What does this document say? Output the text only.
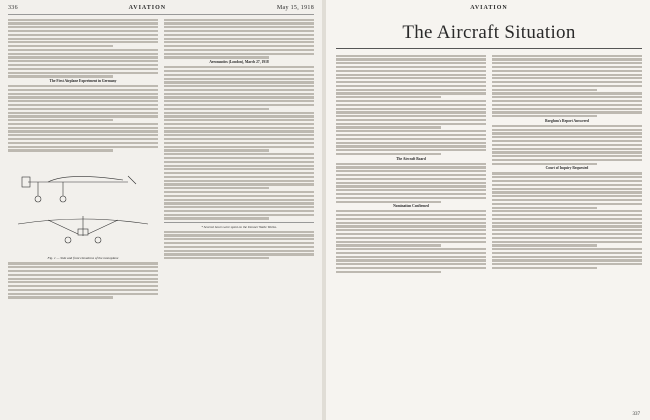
336	AVIATION	May 15, 1918
The First Airplane Experiment in Germany
Fig. 1 — Side and front elevations of the monoplane
Aeronautics (London), March 27, 1918
* Several hours were spent on the Donner Walte Works.
AVIATION
The Aircraft Situation
The Aircraft Board
Nomination Confirmed
Borglum's Report Answered
Court of Inquiry Requested
337
